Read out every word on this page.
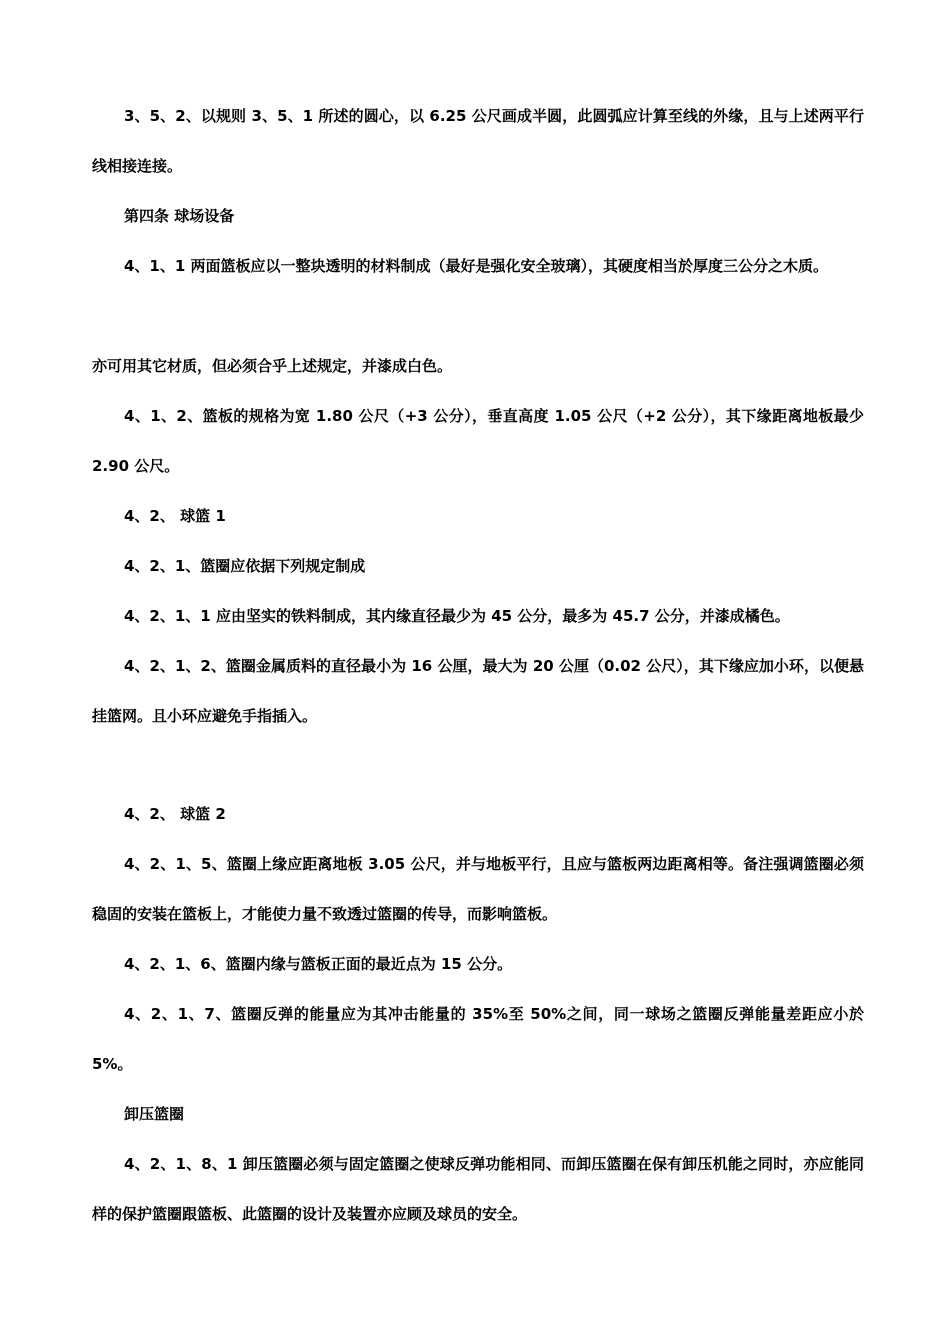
3、5、2、以规则 3、5、1 所述的圆心，以 6.25 公尺画成半圆，此圆弧应计算至线的外缘，且与上述两平行线相接连接。

第四条 球场设备

4、1、1 两面篮板应以一整块透明的材料制成（最好是强化安全玻璃），其硬度相当於厚度三公分之木质。

亦可用其它材质，但必须合乎上述规定，并漆成白色。

4、1、2、篮板的规格为宽 1.80 公尺（+3 公分），垂直高度 1.05 公尺（+2 公分），其下缘距离地板最少 2.90 公尺。

4、2、 球篮 1

4、2、1、篮圈应依据下列规定制成

4、2、1、1 应由坚实的铁料制成，其内缘直径最少为 45 公分，最多为 45.7 公分，并漆成橘色。

4、2、1、2、篮圈金属质料的直径最小为 16 公厘，最大为 20 公厘（0.02 公尺），其下缘应加小环，以便悬挂篮网。且小环应避免手指插入。

4、2、 球篮 2

4、2、1、5、篮圈上缘应距离地板 3.05 公尺，并与地板平行，且应与篮板两边距离相等。备注强调篮圈必须稳固的安装在篮板上，才能使力量不致透过篮圈的传导，而影响篮板。

4、2、1、6、篮圈内缘与篮板正面的最近点为 15 公分。

4、2、1、7、篮圈反弹的能量应为其冲击能量的 35%至 50%之间，同一球场之篮圈反弹能量差距应小於 5%。

卸压篮圈

4、2、1、8、1 卸压篮圈必须与固定篮圈之使球反弹功能相同、而卸压篮圈在保有卸压机能之同时，亦应能同样的保护篮圈跟篮板、此篮圈的设计及装置亦应顾及球员的安全。
